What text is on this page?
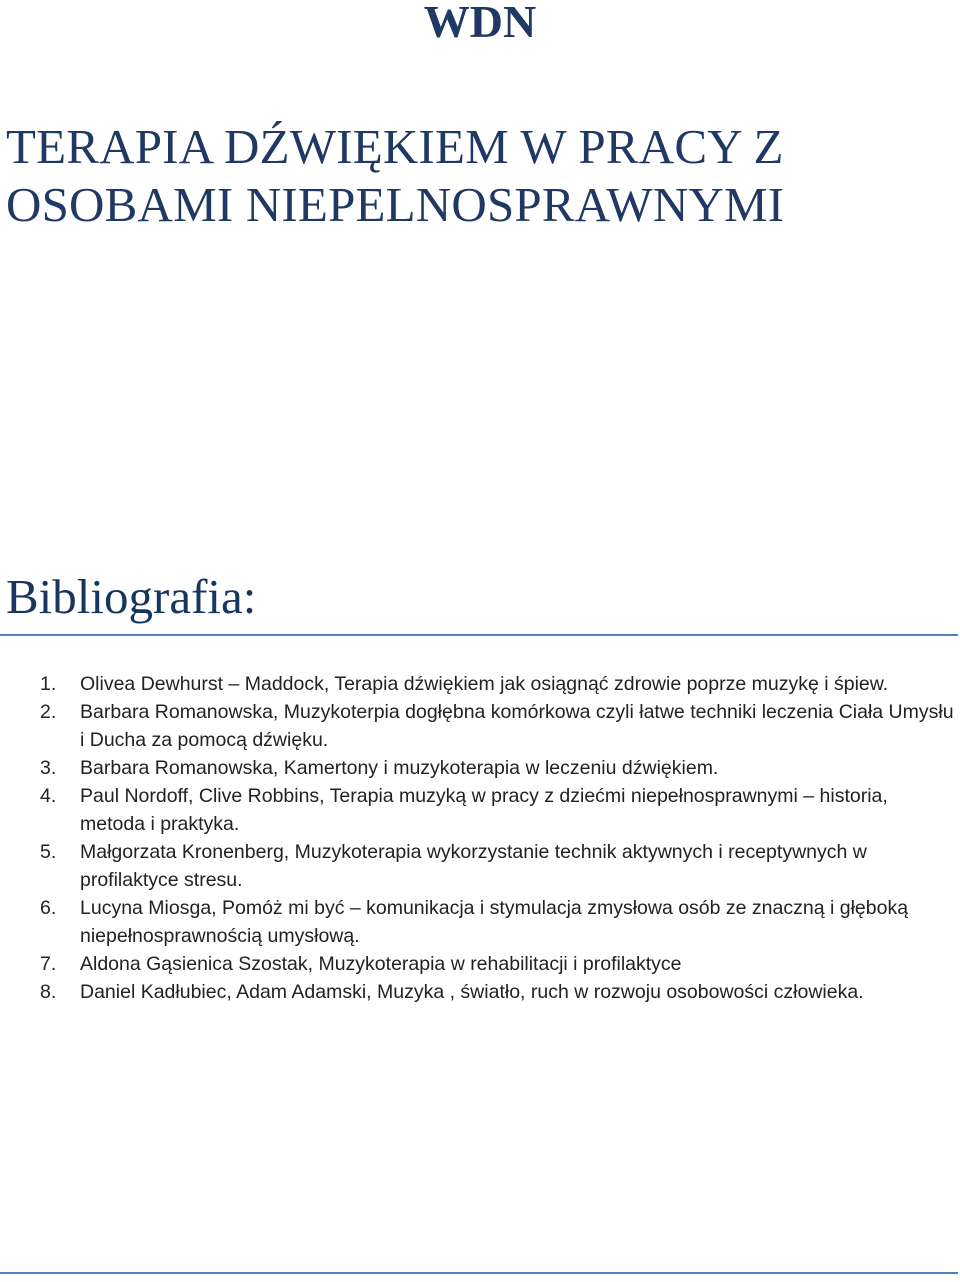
WDN
TERAPIA DŹWIĘKIEM W PRACY Z
OSOBAMI NIEPELNOSPRAWNYMI
Bibliografia:
1.	Olivea Dewhurst – Maddock, Terapia dźwiękiem jak osiągnąć zdrowie poprze muzykę i śpiew.
2.	Barbara Romanowska, Muzykoterpia dogłębna komórkowa czyli łatwe techniki leczenia Ciała Umysłu i Ducha za pomocą dźwięku.
3.	Barbara Romanowska, Kamertony i muzykoterapia w leczeniu dźwiękiem.
4.	Paul Nordoff, Clive Robbins, Terapia muzyką w pracy z dziećmi niepełnosprawnymi – historia, metoda i praktyka.
5.	Małgorzata Kronenberg, Muzykoterapia wykorzystanie technik aktywnych i receptywnych w profilaktyce stresu.
6.	Lucyna Miosga, Pomóż mi być – komunikacja i stymulacja zmysłowa osób ze znaczną i głęboką niepełnosprawnością umysłową.
7.	Aldona Gąsienica Szostak, Muzykoterapia w rehabilitacji i profilaktyce
8.	Daniel Kadłubiec, Adam Adamski, Muzyka , światło, ruch w rozwoju osobowości człowieka.
